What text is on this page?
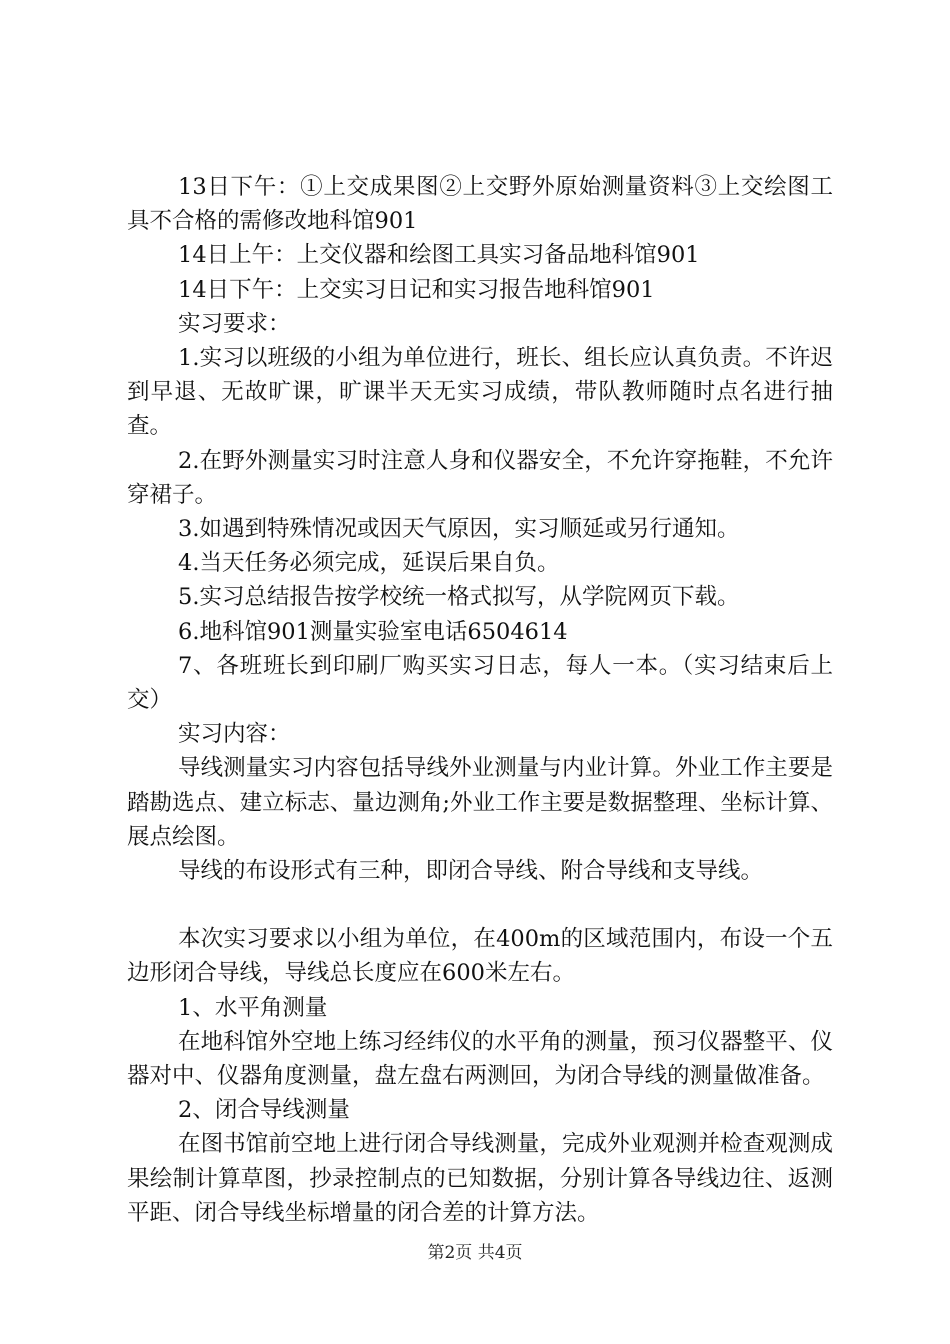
13日下午：①上交成果图②上交野外原始测量资料③上交绘图工具不合格的需修改地科馆901

14日上午：上交仪器和绘图工具实习备品地科馆901

14日下午：上交实习日记和实习报告地科馆901

实习要求：

1.实习以班级的小组为单位进行，班长、组长应认真负责。不许迟到早退、无故旷课，旷课半天无实习成绩，带队教师随时点名进行抽查。

2.在野外测量实习时注意人身和仪器安全，不允许穿拖鞋，不允许穿裙子。

3.如遇到特殊情况或因天气原因，实习顺延或另行通知。

4.当天任务必须完成，延误后果自负。

5.实习总结报告按学校统一格式拟写，从学院网页下载。

6.地科馆901测量实验室电话6504614

7、各班班长到印刷厂购买实习日志，每人一本。（实习结束后上交）

实习内容：

导线测量实习内容包括导线外业测量与内业计算。外业工作主要是踏勘选点、建立标志、量边测角;外业工作主要是数据整理、坐标计算、展点绘图。

导线的布设形式有三种，即闭合导线、附合导线和支导线。

本次实习要求以小组为单位，在400m的区域范围内，布设一个五边形闭合导线，导线总长度应在600米左右。

1、水平角测量

在地科馆外空地上练习经纬仪的水平角的测量，预习仪器整平、仪器对中、仪器角度测量，盘左盘右两测回，为闭合导线的测量做准备。

2、闭合导线测量

在图书馆前空地上进行闭合导线测量，完成外业观测并检查观测成果绘制计算草图，抄录控制点的已知数据，分别计算各导线边往、返测平距、闭合导线坐标增量的闭合差的计算方法。

第2页 共4页
